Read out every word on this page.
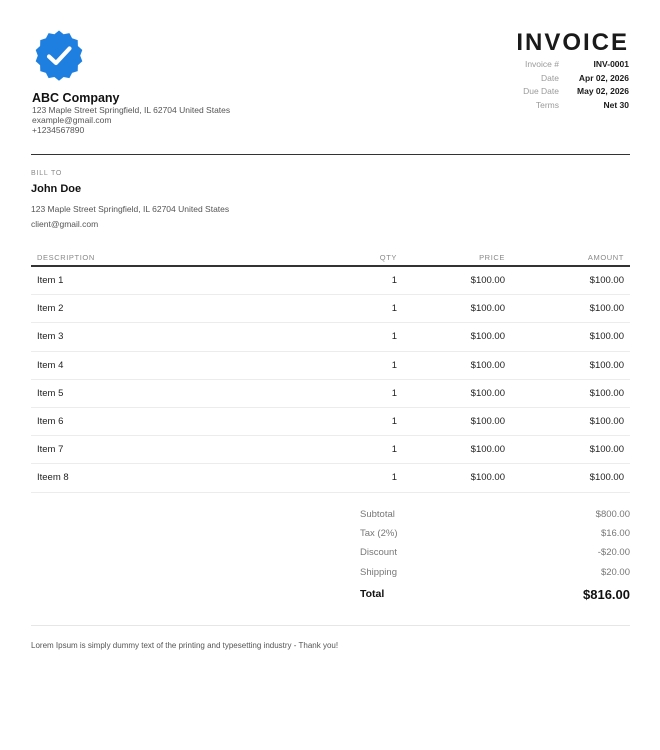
ABC Company
123 Maple Street Springfield, IL 62704 United States
example@gmail.com
+1234567890
INVOICE
Invoice #	INV-0001
Date	Apr 02, 2026
Due Date	May 02, 2026
Terms	Net 30
BILL TO
John Doe
123 Maple Street Springfield, IL 62704 United States
client@gmail.com
DESCRIPTION	QTY	PRICE	AMOUNT
Item 1	1	$100.00	$100.00
Item 2	1	$100.00	$100.00
Item 3	1	$100.00	$100.00
Item 4	1	$100.00	$100.00
Item 5	1	$100.00	$100.00
Item 6	1	$100.00	$100.00
Item 7	1	$100.00	$100.00
Iteem 8	1	$100.00	$100.00
Subtotal	$800.00
Tax (2%)	$16.00
Discount	-$20.00
Shipping	$20.00
Total	$816.00
Lorem Ipsum is simply dummy text of the printing and typesetting industry - Thank you!
